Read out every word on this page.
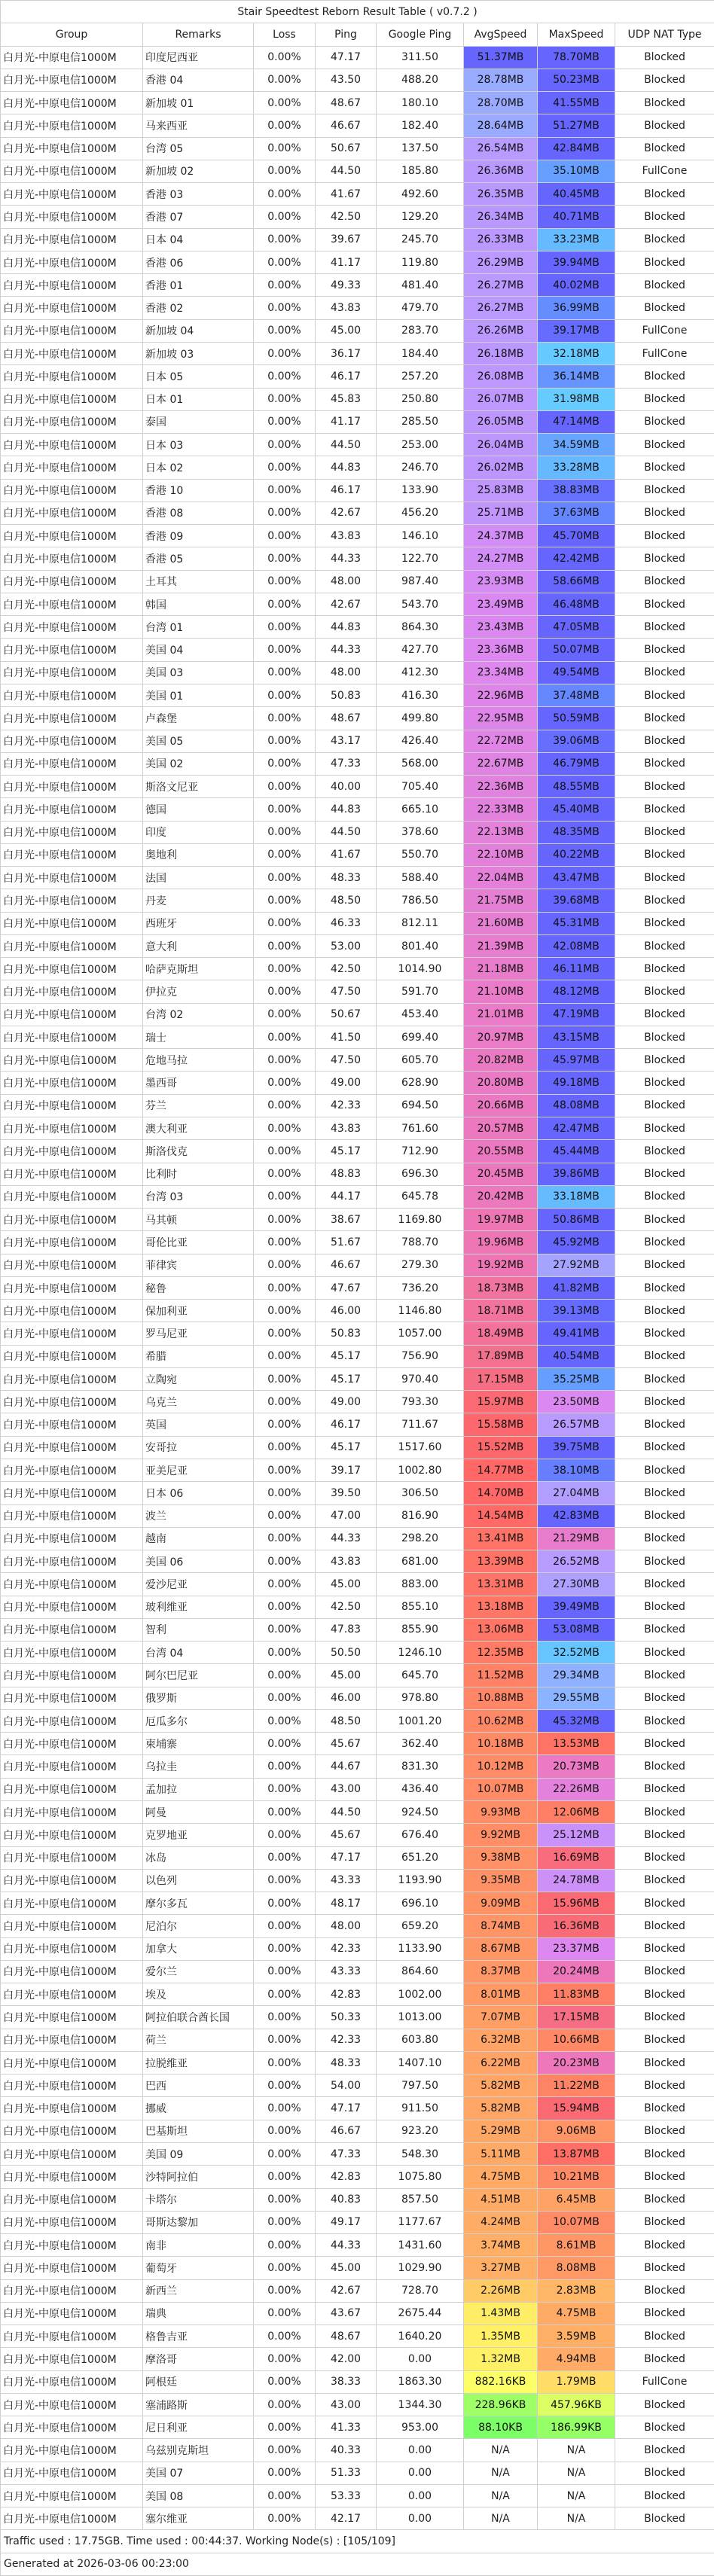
Stair Speedtest Reborn Result Table ( v0.7.2 )							
Group	Remarks	Loss	Ping	Google Ping	AvgSpeed	MaxSpeed	UDP NAT Type
白月光-中原电信1000M	印度尼西亚	0.00%	47.17	311.50	51.37MB	78.70MB	Blocked
白月光-中原电信1000M	香港 04	0.00%	43.50	488.20	28.78MB	50.23MB	Blocked
白月光-中原电信1000M	新加坡 01	0.00%	48.67	180.10	28.70MB	41.55MB	Blocked
白月光-中原电信1000M	马来西亚	0.00%	46.67	182.40	28.64MB	51.27MB	Blocked
白月光-中原电信1000M	台湾 05	0.00%	50.67	137.50	26.54MB	42.84MB	Blocked
白月光-中原电信1000M	新加坡 02	0.00%	44.50	185.80	26.36MB	35.10MB	FullCone
白月光-中原电信1000M	香港 03	0.00%	41.67	492.60	26.35MB	40.45MB	Blocked
白月光-中原电信1000M	香港 07	0.00%	42.50	129.20	26.34MB	40.71MB	Blocked
白月光-中原电信1000M	日本 04	0.00%	39.67	245.70	26.33MB	33.23MB	Blocked
白月光-中原电信1000M	香港 06	0.00%	41.17	119.80	26.29MB	39.94MB	Blocked
白月光-中原电信1000M	香港 01	0.00%	49.33	481.40	26.27MB	40.02MB	Blocked
白月光-中原电信1000M	香港 02	0.00%	43.83	479.70	26.27MB	36.99MB	Blocked
白月光-中原电信1000M	新加坡 04	0.00%	45.00	283.70	26.26MB	39.17MB	FullCone
白月光-中原电信1000M	新加坡 03	0.00%	36.17	184.40	26.18MB	32.18MB	FullCone
白月光-中原电信1000M	日本 05	0.00%	46.17	257.20	26.08MB	36.14MB	Blocked
白月光-中原电信1000M	日本 01	0.00%	45.83	250.80	26.07MB	31.98MB	Blocked
白月光-中原电信1000M	泰国	0.00%	41.17	285.50	26.05MB	47.14MB	Blocked
白月光-中原电信1000M	日本 03	0.00%	44.50	253.00	26.04MB	34.59MB	Blocked
白月光-中原电信1000M	日本 02	0.00%	44.83	246.70	26.02MB	33.28MB	Blocked
白月光-中原电信1000M	香港 10	0.00%	46.17	133.90	25.83MB	38.83MB	Blocked
白月光-中原电信1000M	香港 08	0.00%	42.67	456.20	25.71MB	37.63MB	Blocked
白月光-中原电信1000M	香港 09	0.00%	43.83	146.10	24.37MB	45.70MB	Blocked
白月光-中原电信1000M	香港 05	0.00%	44.33	122.70	24.27MB	42.42MB	Blocked
白月光-中原电信1000M	土耳其	0.00%	48.00	987.40	23.93MB	58.66MB	Blocked
白月光-中原电信1000M	韩国	0.00%	42.67	543.70	23.49MB	46.48MB	Blocked
白月光-中原电信1000M	台湾 01	0.00%	44.83	864.30	23.43MB	47.05MB	Blocked
白月光-中原电信1000M	美国 04	0.00%	44.33	427.70	23.36MB	50.07MB	Blocked
白月光-中原电信1000M	美国 03	0.00%	48.00	412.30	23.34MB	49.54MB	Blocked
白月光-中原电信1000M	美国 01	0.00%	50.83	416.30	22.96MB	37.48MB	Blocked
白月光-中原电信1000M	卢森堡	0.00%	48.67	499.80	22.95MB	50.59MB	Blocked
白月光-中原电信1000M	美国 05	0.00%	43.17	426.40	22.72MB	39.06MB	Blocked
白月光-中原电信1000M	美国 02	0.00%	47.33	568.00	22.67MB	46.79MB	Blocked
白月光-中原电信1000M	斯洛文尼亚	0.00%	40.00	705.40	22.36MB	48.55MB	Blocked
白月光-中原电信1000M	德国	0.00%	44.83	665.10	22.33MB	45.40MB	Blocked
白月光-中原电信1000M	印度	0.00%	44.50	378.60	22.13MB	48.35MB	Blocked
白月光-中原电信1000M	奥地利	0.00%	41.67	550.70	22.10MB	40.22MB	Blocked
白月光-中原电信1000M	法国	0.00%	48.33	588.40	22.04MB	43.47MB	Blocked
白月光-中原电信1000M	丹麦	0.00%	48.50	786.50	21.75MB	39.68MB	Blocked
白月光-中原电信1000M	西班牙	0.00%	46.33	812.11	21.60MB	45.31MB	Blocked
白月光-中原电信1000M	意大利	0.00%	53.00	801.40	21.39MB	42.08MB	Blocked
白月光-中原电信1000M	哈萨克斯坦	0.00%	42.50	1014.90	21.18MB	46.11MB	Blocked
白月光-中原电信1000M	伊拉克	0.00%	47.50	591.70	21.10MB	48.12MB	Blocked
白月光-中原电信1000M	台湾 02	0.00%	50.67	453.40	21.01MB	47.19MB	Blocked
白月光-中原电信1000M	瑞士	0.00%	41.50	699.40	20.97MB	43.15MB	Blocked
白月光-中原电信1000M	危地马拉	0.00%	47.50	605.70	20.82MB	45.97MB	Blocked
白月光-中原电信1000M	墨西哥	0.00%	49.00	628.90	20.80MB	49.18MB	Blocked
白月光-中原电信1000M	芬兰	0.00%	42.33	694.50	20.66MB	48.08MB	Blocked
白月光-中原电信1000M	澳大利亚	0.00%	43.83	761.60	20.57MB	42.47MB	Blocked
白月光-中原电信1000M	斯洛伐克	0.00%	45.17	712.90	20.55MB	45.44MB	Blocked
白月光-中原电信1000M	比利时	0.00%	48.83	696.30	20.45MB	39.86MB	Blocked
白月光-中原电信1000M	台湾 03	0.00%	44.17	645.78	20.42MB	33.18MB	Blocked
白月光-中原电信1000M	马其顿	0.00%	38.67	1169.80	19.97MB	50.86MB	Blocked
白月光-中原电信1000M	哥伦比亚	0.00%	51.67	788.70	19.96MB	45.92MB	Blocked
白月光-中原电信1000M	菲律宾	0.00%	46.67	279.30	19.92MB	27.92MB	Blocked
白月光-中原电信1000M	秘鲁	0.00%	47.67	736.20	18.73MB	41.82MB	Blocked
白月光-中原电信1000M	保加利亚	0.00%	46.00	1146.80	18.71MB	39.13MB	Blocked
白月光-中原电信1000M	罗马尼亚	0.00%	50.83	1057.00	18.49MB	49.41MB	Blocked
白月光-中原电信1000M	希腊	0.00%	45.17	756.90	17.89MB	40.54MB	Blocked
白月光-中原电信1000M	立陶宛	0.00%	45.17	970.40	17.15MB	35.25MB	Blocked
白月光-中原电信1000M	乌克兰	0.00%	49.00	793.30	15.97MB	23.50MB	Blocked
白月光-中原电信1000M	英国	0.00%	46.17	711.67	15.58MB	26.57MB	Blocked
白月光-中原电信1000M	安哥拉	0.00%	45.17	1517.60	15.52MB	39.75MB	Blocked
白月光-中原电信1000M	亚美尼亚	0.00%	39.17	1002.80	14.77MB	38.10MB	Blocked
白月光-中原电信1000M	日本 06	0.00%	39.50	306.50	14.70MB	27.04MB	Blocked
白月光-中原电信1000M	波兰	0.00%	47.00	816.90	14.54MB	42.83MB	Blocked
白月光-中原电信1000M	越南	0.00%	44.33	298.20	13.41MB	21.29MB	Blocked
白月光-中原电信1000M	美国 06	0.00%	43.83	681.00	13.39MB	26.52MB	Blocked
白月光-中原电信1000M	爱沙尼亚	0.00%	45.00	883.00	13.31MB	27.30MB	Blocked
白月光-中原电信1000M	玻利维亚	0.00%	42.50	855.10	13.18MB	39.49MB	Blocked
白月光-中原电信1000M	智利	0.00%	47.83	855.90	13.06MB	53.08MB	Blocked
白月光-中原电信1000M	台湾 04	0.00%	50.50	1246.10	12.35MB	32.52MB	Blocked
白月光-中原电信1000M	阿尔巴尼亚	0.00%	45.00	645.70	11.52MB	29.34MB	Blocked
白月光-中原电信1000M	俄罗斯	0.00%	46.00	978.80	10.88MB	29.55MB	Blocked
白月光-中原电信1000M	厄瓜多尔	0.00%	48.50	1001.20	10.62MB	45.32MB	Blocked
白月光-中原电信1000M	柬埔寨	0.00%	45.67	362.40	10.18MB	13.53MB	Blocked
白月光-中原电信1000M	乌拉圭	0.00%	44.67	831.30	10.12MB	20.73MB	Blocked
白月光-中原电信1000M	孟加拉	0.00%	43.00	436.40	10.07MB	22.26MB	Blocked
白月光-中原电信1000M	阿曼	0.00%	44.50	924.50	9.93MB	12.06MB	Blocked
白月光-中原电信1000M	克罗地亚	0.00%	45.67	676.40	9.92MB	25.12MB	Blocked
白月光-中原电信1000M	冰岛	0.00%	47.17	651.20	9.38MB	16.69MB	Blocked
白月光-中原电信1000M	以色列	0.00%	43.33	1193.90	9.35MB	24.78MB	Blocked
白月光-中原电信1000M	摩尔多瓦	0.00%	48.17	696.10	9.09MB	15.96MB	Blocked
白月光-中原电信1000M	尼泊尔	0.00%	48.00	659.20	8.74MB	16.36MB	Blocked
白月光-中原电信1000M	加拿大	0.00%	42.33	1133.90	8.67MB	23.37MB	Blocked
白月光-中原电信1000M	爱尔兰	0.00%	43.33	864.60	8.37MB	20.24MB	Blocked
白月光-中原电信1000M	埃及	0.00%	42.83	1002.00	8.01MB	11.83MB	Blocked
白月光-中原电信1000M	阿拉伯联合酋长国	0.00%	50.33	1013.00	7.07MB	17.15MB	Blocked
白月光-中原电信1000M	荷兰	0.00%	42.33	603.80	6.32MB	10.66MB	Blocked
白月光-中原电信1000M	拉脱维亚	0.00%	48.33	1407.10	6.22MB	20.23MB	Blocked
白月光-中原电信1000M	巴西	0.00%	54.00	797.50	5.82MB	11.22MB	Blocked
白月光-中原电信1000M	挪威	0.00%	47.17	911.50	5.82MB	15.94MB	Blocked
白月光-中原电信1000M	巴基斯坦	0.00%	46.67	923.20	5.29MB	9.06MB	Blocked
白月光-中原电信1000M	美国 09	0.00%	47.33	548.30	5.11MB	13.87MB	Blocked
白月光-中原电信1000M	沙特阿拉伯	0.00%	42.83	1075.80	4.75MB	10.21MB	Blocked
白月光-中原电信1000M	卡塔尔	0.00%	40.83	857.50	4.51MB	6.45MB	Blocked
白月光-中原电信1000M	哥斯达黎加	0.00%	49.17	1177.67	4.24MB	10.07MB	Blocked
白月光-中原电信1000M	南非	0.00%	44.33	1431.60	3.74MB	8.61MB	Blocked
白月光-中原电信1000M	葡萄牙	0.00%	45.00	1029.90	3.27MB	8.08MB	Blocked
白月光-中原电信1000M	新西兰	0.00%	42.67	728.70	2.26MB	2.83MB	Blocked
白月光-中原电信1000M	瑞典	0.00%	43.67	2675.44	1.43MB	4.75MB	Blocked
白月光-中原电信1000M	格鲁吉亚	0.00%	48.67	1640.20	1.35MB	3.59MB	Blocked
白月光-中原电信1000M	摩洛哥	0.00%	42.00	0.00	1.32MB	4.94MB	Blocked
白月光-中原电信1000M	阿根廷	0.00%	38.33	1863.30	882.16KB	1.79MB	FullCone
白月光-中原电信1000M	塞浦路斯	0.00%	43.00	1344.30	228.96KB	457.96KB	Blocked
白月光-中原电信1000M	尼日利亚	0.00%	41.33	953.00	88.10KB	186.99KB	Blocked
白月光-中原电信1000M	乌兹别克斯坦	0.00%	40.33	0.00	N/A	N/A	Blocked
白月光-中原电信1000M	美国 07	0.00%	51.33	0.00	N/A	N/A	Blocked
白月光-中原电信1000M	美国 08	0.00%	53.33	0.00	N/A	N/A	Blocked
白月光-中原电信1000M	塞尔维亚	0.00%	42.17	0.00	N/A	N/A	Blocked
Traffic used : 17.75GB. Time used : 00:44:37. Working Node(s) : [105/109]							
Generated at 2026-03-06 00:23:00							
